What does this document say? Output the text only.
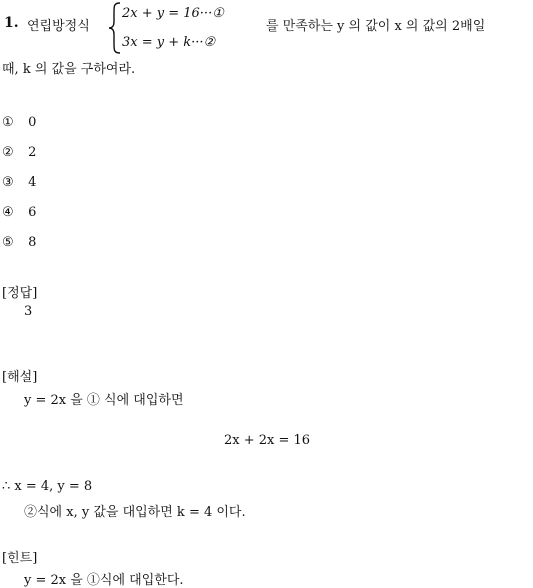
1. 연립방정식
2x + y = 16···①
3x = y + k···②
를 만족하는 y 의 값이 x 의 값의 2배일
때, k 의 값을 구하여라.
① 0
② 2
③ 4
④ 6
⑤ 8
[정답]
3
[해설]
y = 2x 을 ① 식에 대입하면
2x + 2x = 16
∴ x = 4, y = 8
②식에 x, y 값을 대입하면 k = 4 이다.
[힌트]
y = 2x 을 ①식에 대입한다.
